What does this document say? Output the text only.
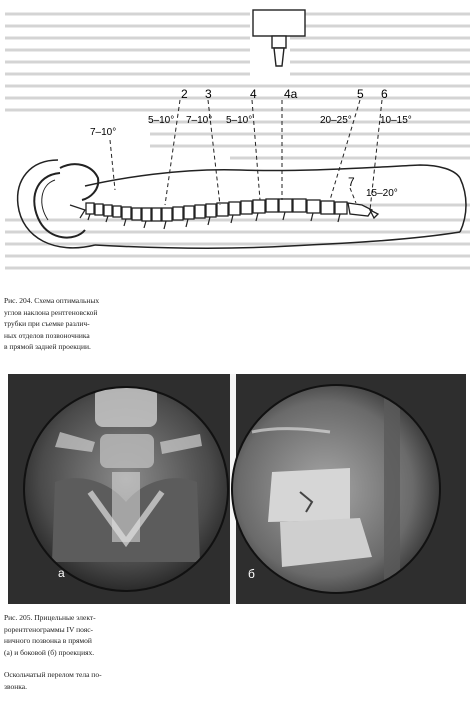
2 3	4 4а	5 6
7
7–10°
5–10° 7–10° 5–10°	20–25°	10–15°
15–20°
Рис. 204. Схема оптимальных
углов наклона рентгеновской
трубки при съемке различ-
ных отделов позвоночника
в прямой задней проекции.
а	б
Рис. 205. Прицельные элект-
рорентгенограммы IV пояс-
ничного позвонка в прямой
(а) и боковой (б) проекциях.
Оскольчатый перелом тела по-
звонка.
